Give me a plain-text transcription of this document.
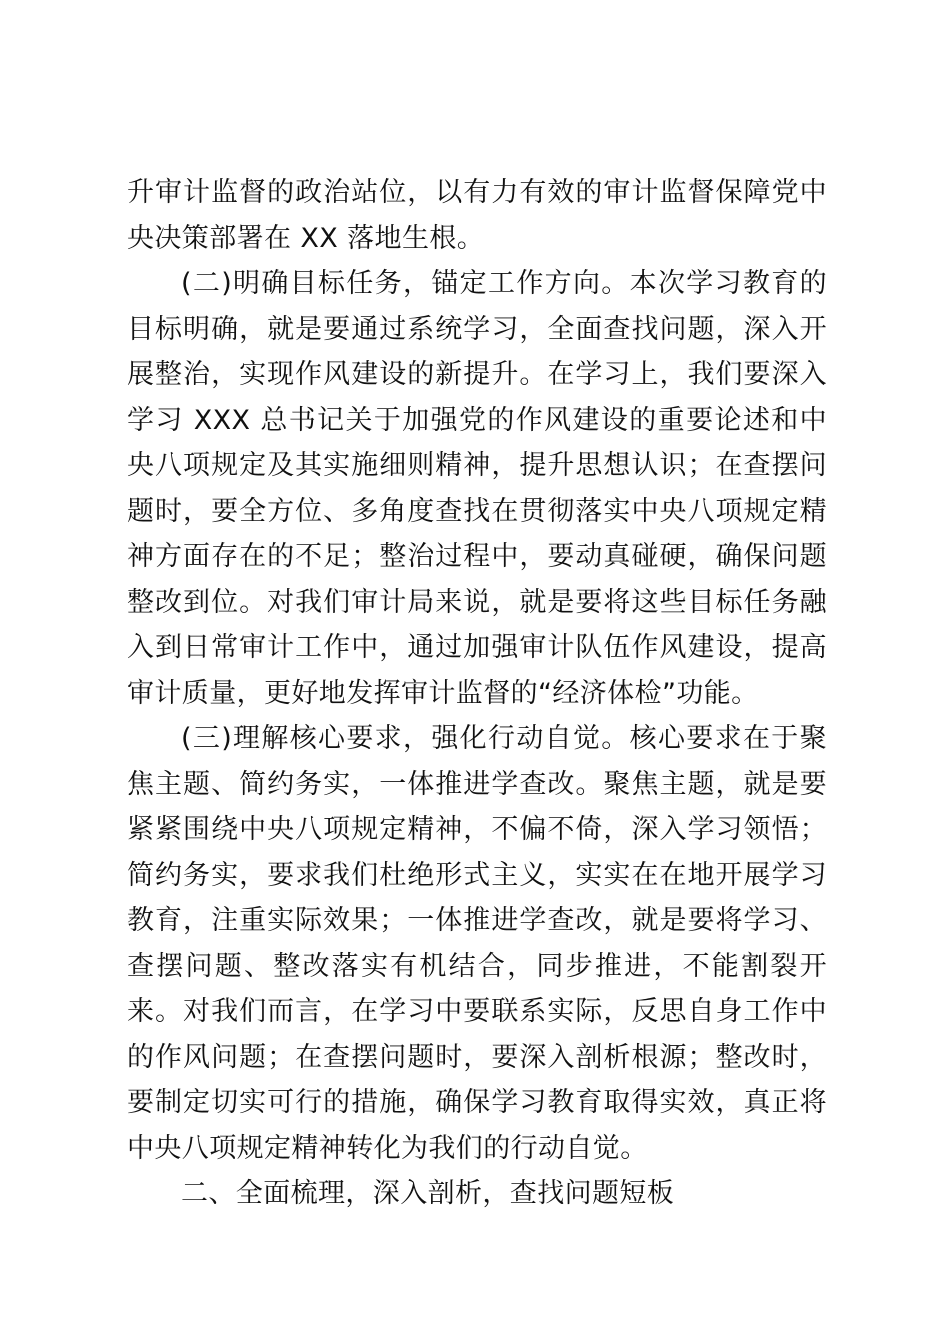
升审计监督的政治站位，以有力有效的审计监督保障党中央决策部署在 XX 落地生根。

(二)明确目标任务，锚定工作方向。本次学习教育的目标明确，就是要通过系统学习，全面查找问题，深入开展整治，实现作风建设的新提升。在学习上，我们要深入学习 XXX 总书记关于加强党的作风建设的重要论述和中央八项规定及其实施细则精神，提升思想认识；在查摆问题时，要全方位、多角度查找在贯彻落实中央八项规定精神方面存在的不足；整治过程中，要动真碰硬，确保问题整改到位。对我们审计局来说，就是要将这些目标任务融入到日常审计工作中，通过加强审计队伍作风建设，提高审计质量，更好地发挥审计监督的“经济体检”功能。

(三)理解核心要求，强化行动自觉。核心要求在于聚焦主题、简约务实，一体推进学查改。聚焦主题，就是要紧紧围绕中央八项规定精神，不偏不倚，深入学习领悟；简约务实，要求我们杜绝形式主义，实实在在地开展学习教育，注重实际效果；一体推进学查改，就是要将学习、查摆问题、整改落实有机结合，同步推进，不能割裂开来。对我们而言，在学习中要联系实际，反思自身工作中的作风问题；在查摆问题时，要深入剖析根源；整改时，要制定切实可行的措施，确保学习教育取得实效，真正将中央八项规定精神转化为我们的行动自觉。

二、全面梳理，深入剖析，查找问题短板
